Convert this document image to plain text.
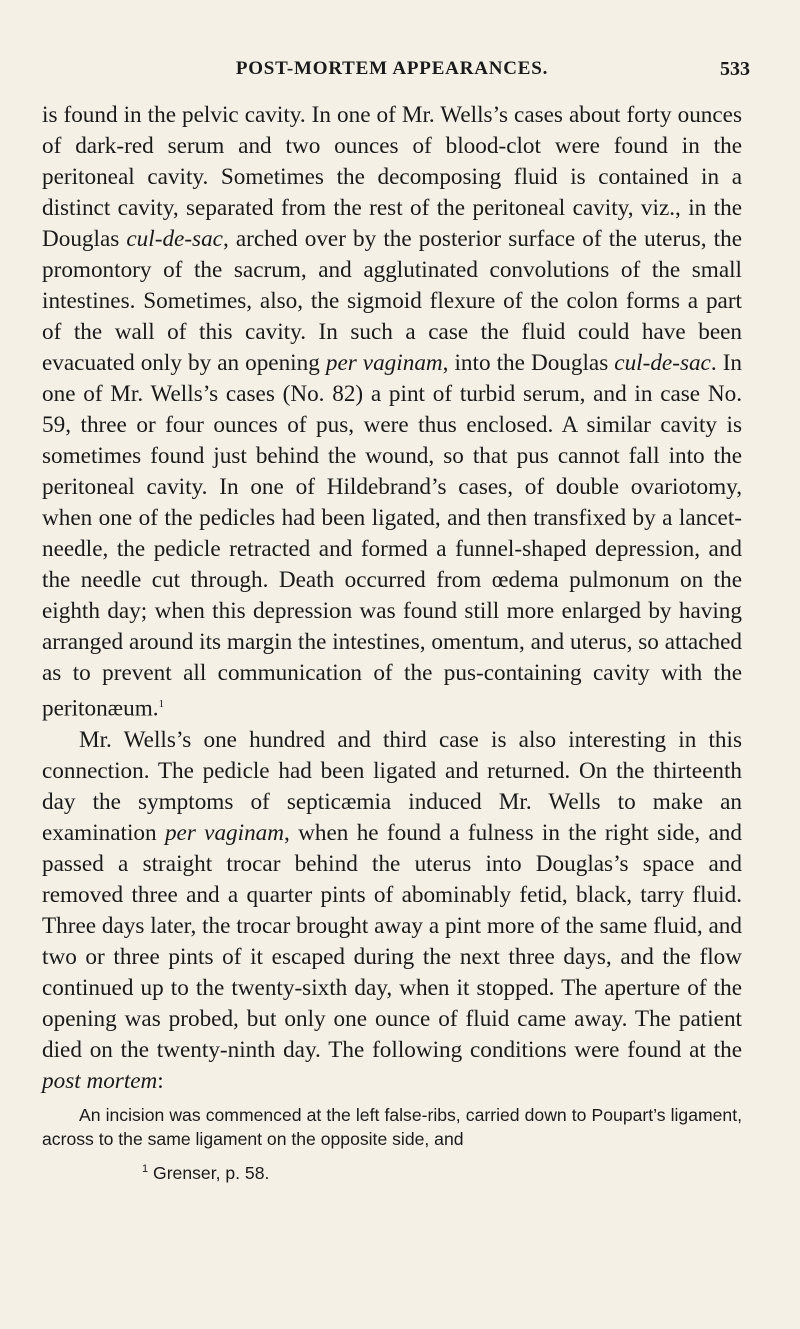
POST-MORTEM APPEARANCES.	533

is found in the pelvic cavity. In one of Mr. Wells’s cases about forty ounces of dark-red serum and two ounces of blood-clot were found in the peritoneal cavity. Sometimes the decomposing fluid is contained in a distinct cavity, separated from the rest of the peritoneal cavity, viz., in the Douglas cul-de-sac, arched over by the posterior surface of the uterus, the promontory of the sacrum, and agglutinated convolutions of the small intestines. Sometimes, also, the sigmoid flexure of the colon forms a part of the wall of this cavity. In such a case the fluid could have been evacuated only by an opening per vaginam, into the Douglas cul-de-sac. In one of Mr. Wells’s cases (No. 82) a pint of turbid serum, and in case No. 59, three or four ounces of pus, were thus enclosed. A similar cavity is sometimes found just behind the wound, so that pus cannot fall into the peritoneal cavity. In one of Hildebrand’s cases, of double ovariotomy, when one of the pedicles had been ligated, and then transfixed by a lancet-needle, the pedicle retracted and formed a funnel-shaped depression, and the needle cut through. Death occurred from œdema pulmonum on the eighth day; when this depression was found still more enlarged by having arranged around its margin the intestines, omentum, and uterus, so attached as to prevent all communication of the pus-containing cavity with the peritonæum.$^1$

Mr. Wells’s one hundred and third case is also interesting in this connection. The pedicle had been ligated and returned. On the thirteenth day the symptoms of septicæmia induced Mr. Wells to make an examination per vaginam, when he found a fulness in the right side, and passed a straight trocar behind the uterus into Douglas’s space and removed three and a quarter pints of abominably fetid, black, tarry fluid. Three days later, the trocar brought away a pint more of the same fluid, and two or three pints of it escaped during the next three days, and the flow continued up to the twenty-sixth day, when it stopped. The aperture of the opening was probed, but only one ounce of fluid came away. The patient died on the twenty-ninth day. The following conditions were found at the post mortem:

An incision was commenced at the left false-ribs, carried down to Poupart’s ligament, across to the same ligament on the opposite side, and

$^1$ Grenser, p. 58.
